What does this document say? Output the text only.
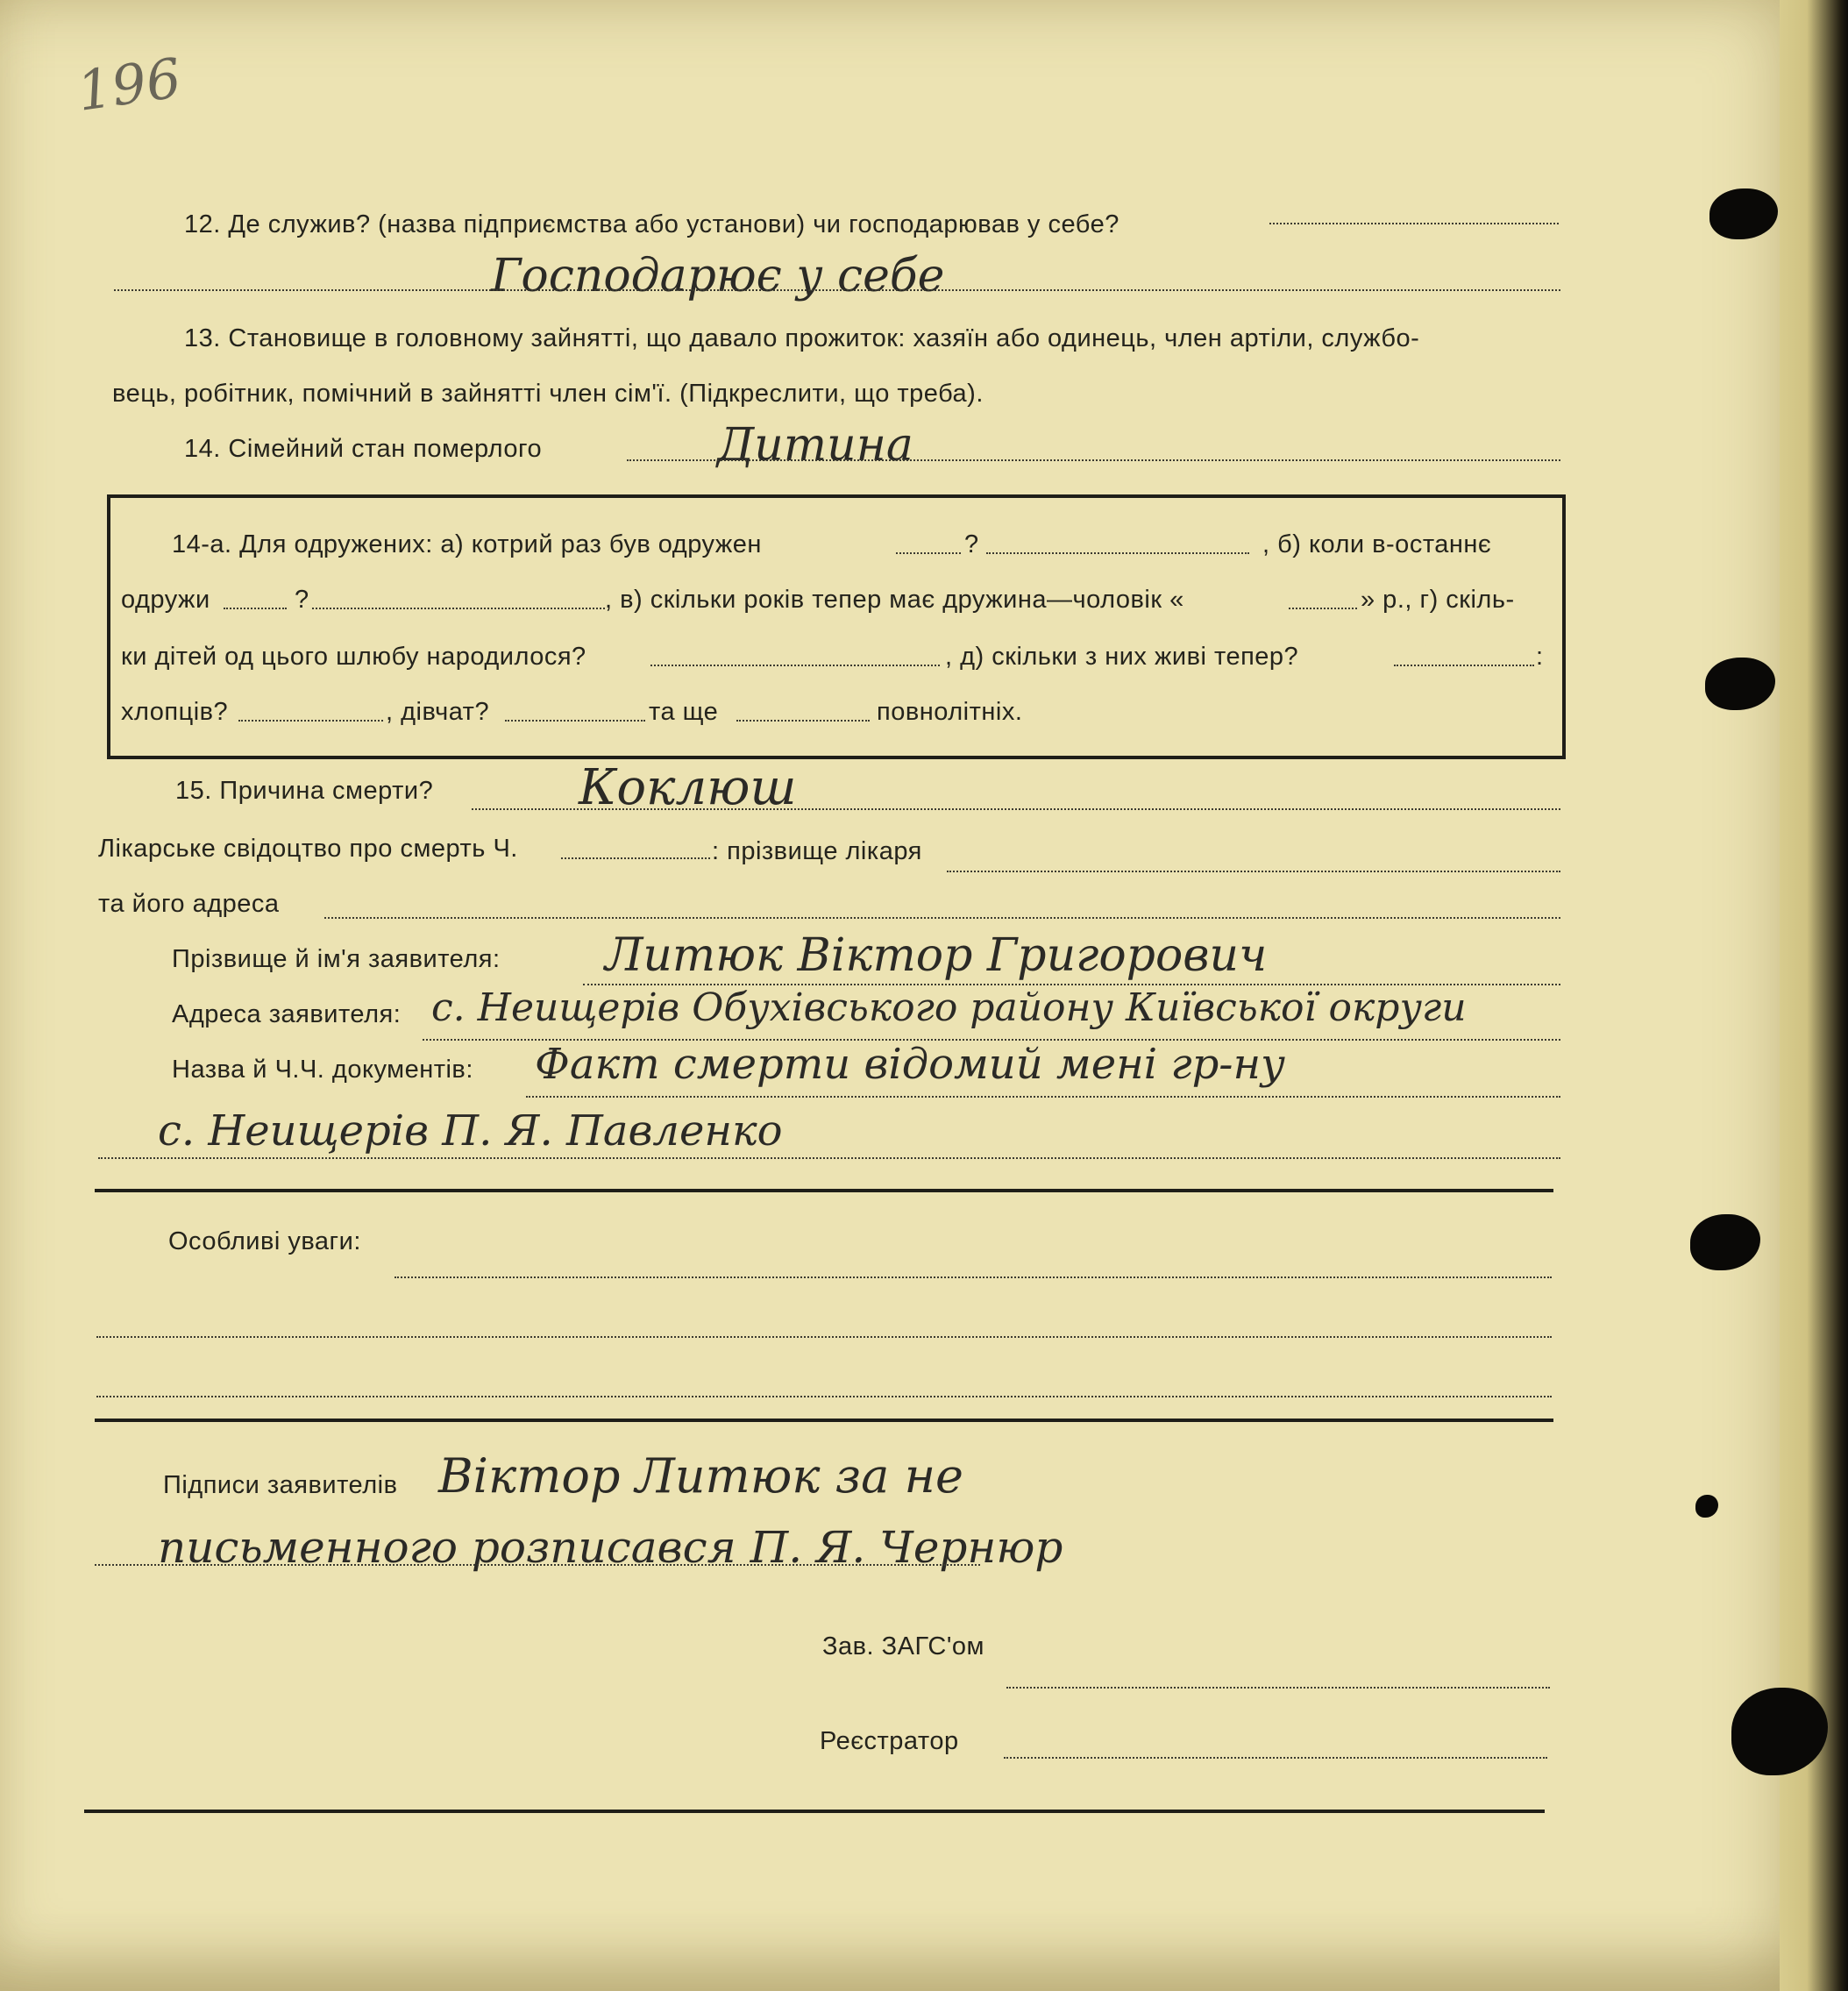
196
12. Де служив? (назва підприємства або установи) чи господарював у себе?
Господарює у себе
13. Становище в головному зайнятті, що давало прожиток: хазяїн або одинець, член артіли, службо-
вець, робітник, помічний в зайнятті член сім'ї. (Підкреслити, що треба).
14. Сімейний стан померлого	Дитина
14-а. Для одружених: а) котрий раз був одружен	?	, б) коли в-останнє
одружи	?	, в) скільки років тепер має дружина—чоловік «	» р., г) скіль-
ки дітей од цього шлюбу народилося?	, д) скільки з них живі тепер?	:
хлопців?	, дівчат?	та ще	повнолітніх.
15. Причина смерти?	Коклюш
Лікарське свідоцтво про смерть Ч.	: прізвище лікаря
та його адреса
Прізвище й ім'я заявителя: Литюк Віктор Григорович
Адреса заявителя: с. Неищерів Обухівського району Київської округи
Назва й Ч.Ч. документів: Факт смерти відомий мені гр-ну
с. Неищерів П. Я. Павленко
Особливі уваги:
Підписи заявителів Віктор Литюк за не
письменного розписався П. Я. Чернюр
Зав. ЗАГС'ом
Реєстратор
